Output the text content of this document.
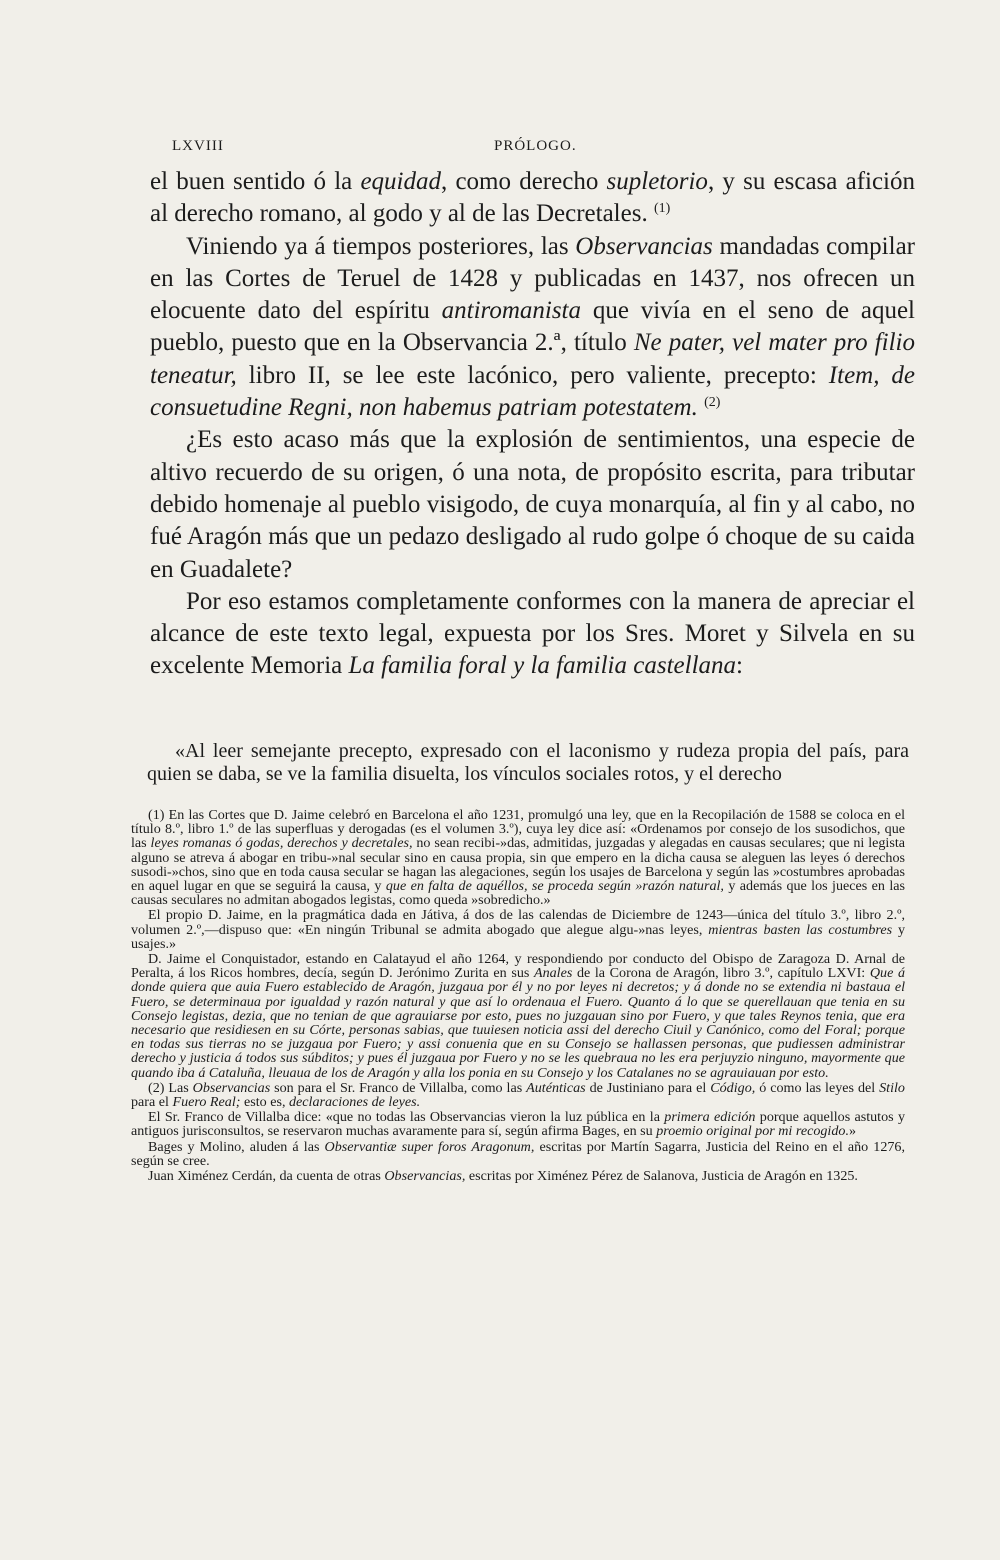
LXVIII	PRÓLOGO.

el buen sentido ó la equidad, como derecho supletorio, y su escasa afición al derecho romano, al godo y al de las Decretales. $^{(1)}$

Viniendo ya á tiempos posteriores, las Observancias mandadas compilar en las Cortes de Teruel de 1428 y publicadas en 1437, nos ofrecen un elocuente dato del espíritu antiromanista que vivía en el seno de aquel pueblo, puesto que en la Observancia 2.ª, título Ne pater, vel mater pro filio teneatur, libro II, se lee este lacónico, pero valiente, precepto: Item, de consuetudine Regni, non habemus patriam potestatem. $^{(2)}$

¿Es esto acaso más que la explosión de sentimientos, una especie de altivo recuerdo de su origen, ó una nota, de propósito escrita, para tributar debido homenaje al pueblo visigodo, de cuya monarquía, al fin y al cabo, no fué Aragón más que un pedazo desligado al rudo golpe ó choque de su caida en Guadalete?

Por eso estamos completamente conformes con la manera de apreciar el alcance de este texto legal, expuesta por los Sres. Moret y Silvela en su excelente Memoria La familia foral y la familia castellana:

«Al leer semejante precepto, expresado con el laconismo y rudeza propia del país, para quien se daba, se ve la familia disuelta, los vínculos sociales rotos, y el derecho

(1) En las Cortes que D. Jaime celebró en Barcelona el año 1231, promulgó una ley, que en la Recopilación de 1588 se coloca en el título 8.º, libro 1.º de las superfluas y derogadas (es el volumen 3.º), cuya ley dice así: «Ordenamos por consejo de los susodichos, que las leyes romanas ó godas, derechos y decretales, no sean recibi-»das, admitidas, juzgadas y alegadas en causas seculares; que ni legista alguno se atreva á abogar en tribu-»nal secular sino en causa propia, sin que empero en la dicha causa se aleguen las leyes ó derechos susodi-»chos, sino que en toda causa secular se hagan las alegaciones, según los usajes de Barcelona y según las »costumbres aprobadas en aquel lugar en que se seguirá la causa, y que en falta de aquéllos, se proceda según »razón natural, y además que los jueces en las causas seculares no admitan abogados legistas, como queda »sobredicho.»

El propio D. Jaime, en la pragmática dada en Játiva, á dos de las calendas de Diciembre de 1243—única del título 3.º, libro 2.º, volumen 2.º,—dispuso que: «En ningún Tribunal se admita abogado que alegue algu-»nas leyes, mientras basten las costumbres y usajes.»

D. Jaime el Conquistador, estando en Calatayud el año 1264, y respondiendo por conducto del Obispo de Zaragoza D. Arnal de Peralta, á los Ricos hombres, decía, según D. Jerónimo Zurita en sus Anales de la Corona de Aragón, libro 3.º, capítulo LXVI: Que á donde quiera que auia Fuero establecido de Aragón, juzgaua por él y no por leyes ni decretos; y á donde no se extendia ni bastaua el Fuero, se determinaua por igualdad y razón natural y que así lo ordenaua el Fuero. Quanto á lo que se querellauan que tenia en su Consejo legistas, dezia, que no tenian de que agrauiarse por esto, pues no juzgauan sino por Fuero, y que tales Reynos tenia, que era necesario que residiesen en su Córte, personas sabias, que tuuiesen noticia assi del derecho Ciuil y Canónico, como del Foral; porque en todas sus tierras no se juzgaua por Fuero; y assi conuenia que en su Consejo se hallassen personas, que pudiessen administrar derecho y justicia á todos sus súbditos; y pues él juzgaua por Fuero y no se les quebraua no les era perjuyzio ninguno, mayormente que quando iba á Cataluña, lleuaua de los de Aragón y alla los ponia en su Consejo y los Catalanes no se agrauiauan por esto.

(2) Las Observancias son para el Sr. Franco de Villalba, como las Auténticas de Justiniano para el Código, ó como las leyes del Stilo para el Fuero Real; esto es, declaraciones de leyes.

El Sr. Franco de Villalba dice: «que no todas las Observancias vieron la luz pública en la primera edición porque aquellos astutos y antiguos jurisconsultos, se reservaron muchas avaramente para sí, según afirma Bages, en su proemio original por mi recogido.»

Bages y Molino, aluden á las Observantiæ super foros Aragonum, escritas por Martín Sagarra, Justicia del Reino en el año 1276, según se cree.

Juan Ximénez Cerdán, da cuenta de otras Observancias, escritas por Ximénez Pérez de Salanova, Justicia de Aragón en 1325.
